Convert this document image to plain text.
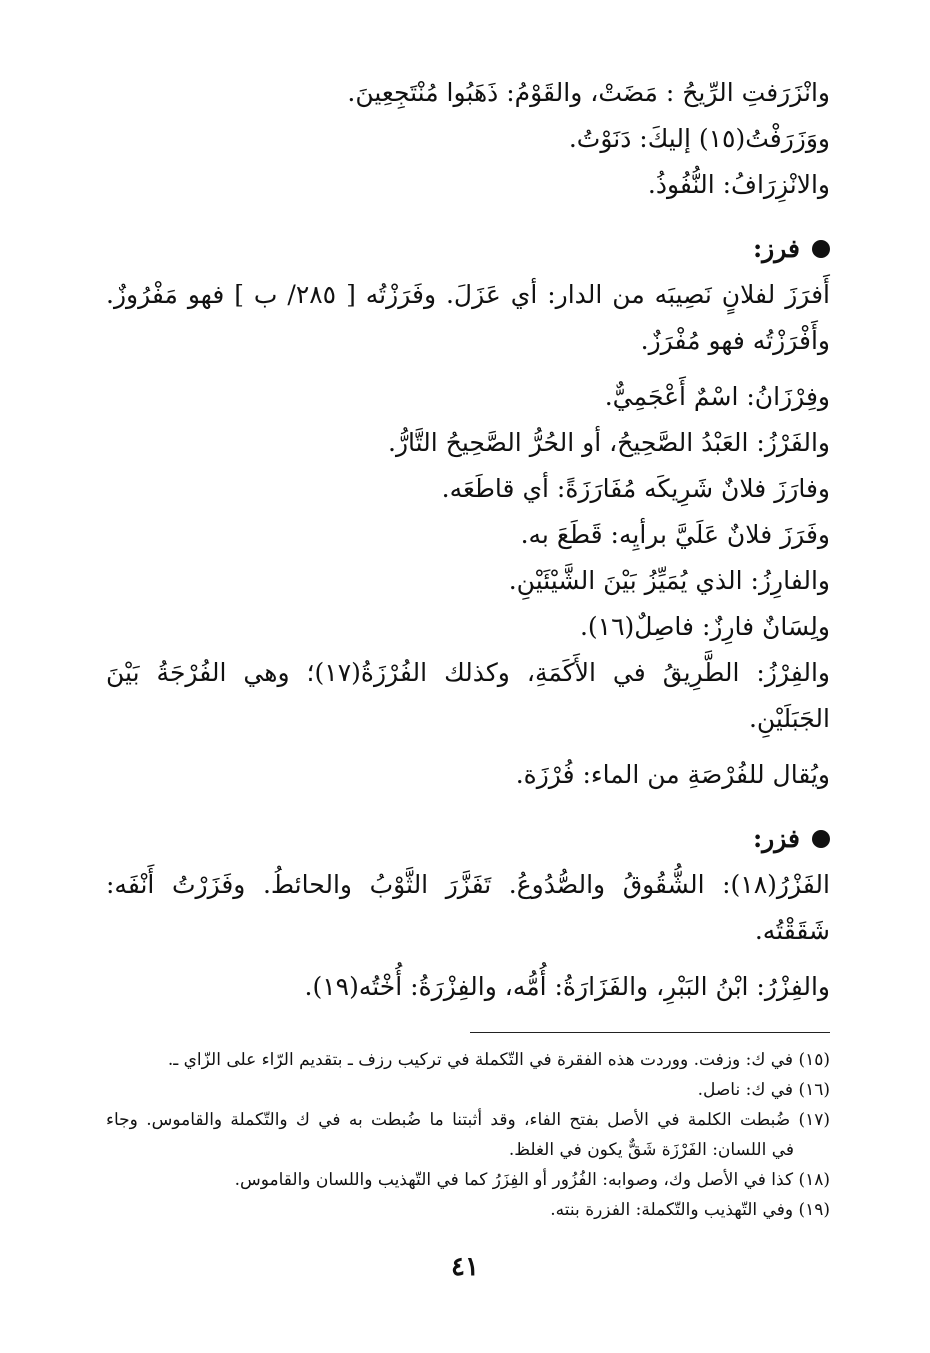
وانْزَرَفتِ الرِّيحُ : مَضَتْ، والقَوْمُ: ذَهَبُوا مُنْتَجِعِينَ.
ووَزَرَفْتُ(١٥) إليكَ: دَنَوْتُ.
والانْزِرَافُ: النُّفُوذُ.
فرز:
أَفرَزَ لفلانٍ نَصِيبَه من الدار: أي عَزَلَ. وفَرَزْتُه [ ٢٨٥/ ب ] فهو مَفْرُوزٌ.
وأَفْرَزْتُه فهو مُفْرَزٌ.
وفِرْزَانُ: اسْمٌ أَعْجَمِيٌّ.
والفَرْزُ: العَبْدُ الصَّحِيحُ، أو الحُرُّ الصَّحِيحُ التَّارُّ.
وفارَزَ فلانٌ شَرِيكَه مُفَارَزَةً: أي قاطَعَه.
وفَرَزَ فلانٌ عَلَيَّ برأيِه: قَطَعَ به.
والفارِزُ: الذي يُمَيِّزُ بَيْنَ الشَّيْئَيْنِ.
ولِسَانٌ فارِزٌ: فاصِلٌ(١٦).
والفِرْزُ: الطَّرِيقُ في الأَكَمَةِ، وكذلك الفُرْزَةُ(١٧)؛ وهي الفُرْجَةُ بَيْنَ
الجَبَلَيْنِ.
ويُقال للفُرْصَةِ من الماء: فُرْزَة.
فزر:
الفَزْرُ(١٨): الشُّقُوقُ والصُّدُوعُ. تَفَزَّرَ الثَّوْبُ والحائطُ. وفَزَرْتُ أَنْفَه:
شَقَقْتُه.
والفِزْرُ: ابْنُ البَبْرِ، والفَزَارَةُ: أُمُّه، والفِزْرَةُ: أُخْتُه(١٩).
(١٥) في ك: وزفت. ووردت هذه الفقرة في التّكملة في تركيب رزف ـ بتقديم الرّاء على الزّاي ـ.
(١٦) في ك: ناصل.
(١٧) ضُبطت الكلمة في الأصل بفتح الفاء، وقد أثبتنا ما ضُبطت به في ك والتّكملة والقاموس. وجاء
في اللسان: الفَرْزَة شَقٌّ يكون في الغلظ.
(١٨) كذا في الأصل وك، وصوابه: الفُزُور أو الفِزَرُ كما في التّهذيب واللسان والقاموس.
(١٩) وفي التّهذيب والتّكملة: الفزرة بنته.
٤١
